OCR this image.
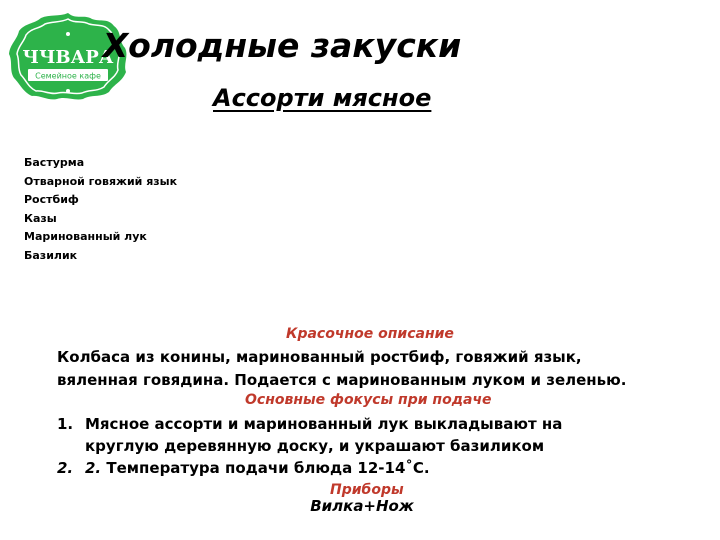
ЧЧВАРА
Семейное кафе
Холодные закуски
Ассорти мясное
Бастурма
Отварной говяжий язык
Ростбиф
Казы
Маринованный лук
Базилик
Красочное описание

Колбаса из конины, маринованный ростбиф, говяжий язык, вяленная говядина. Подается с маринованным луком и зеленью.

Основные фокусы при подаче
1. Мясное ассорти и маринованный лук выкладывают на круглую деревянную доску, и украшают базиликом
2. 2. Температура подачи блюда 12-14˚С.
Приборы
Вилка+Нож
